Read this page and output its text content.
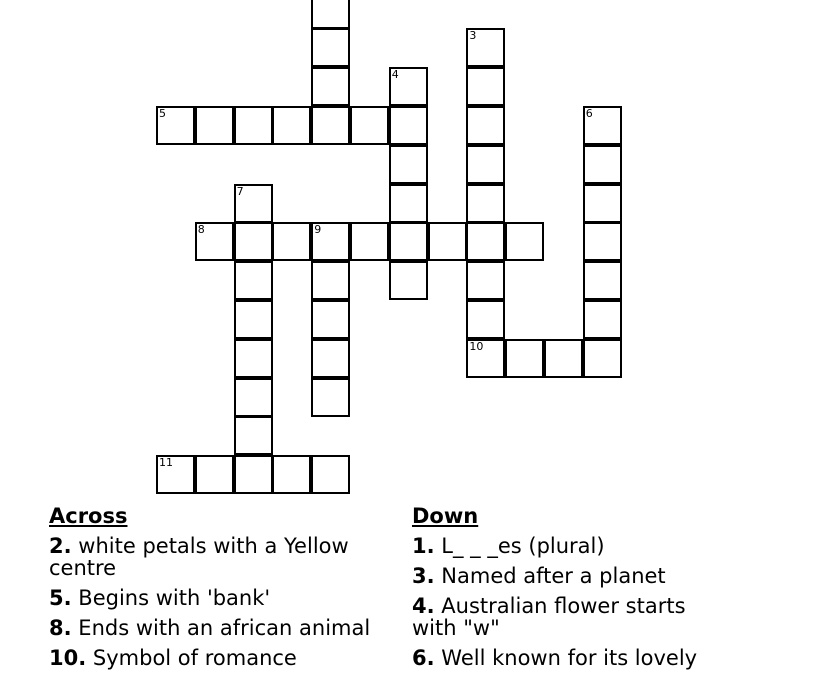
3
10
4
5	6
7
8	9
11
Across
2. white petals with a Yellow centre
5. Begins with 'bank'
8. Ends with an african animal
10. Symbol of romance
Down
1. L_ _ _es (plural)
3. Named after a planet
4. Australian flower starts with "w"
6. Well known for its lovely
